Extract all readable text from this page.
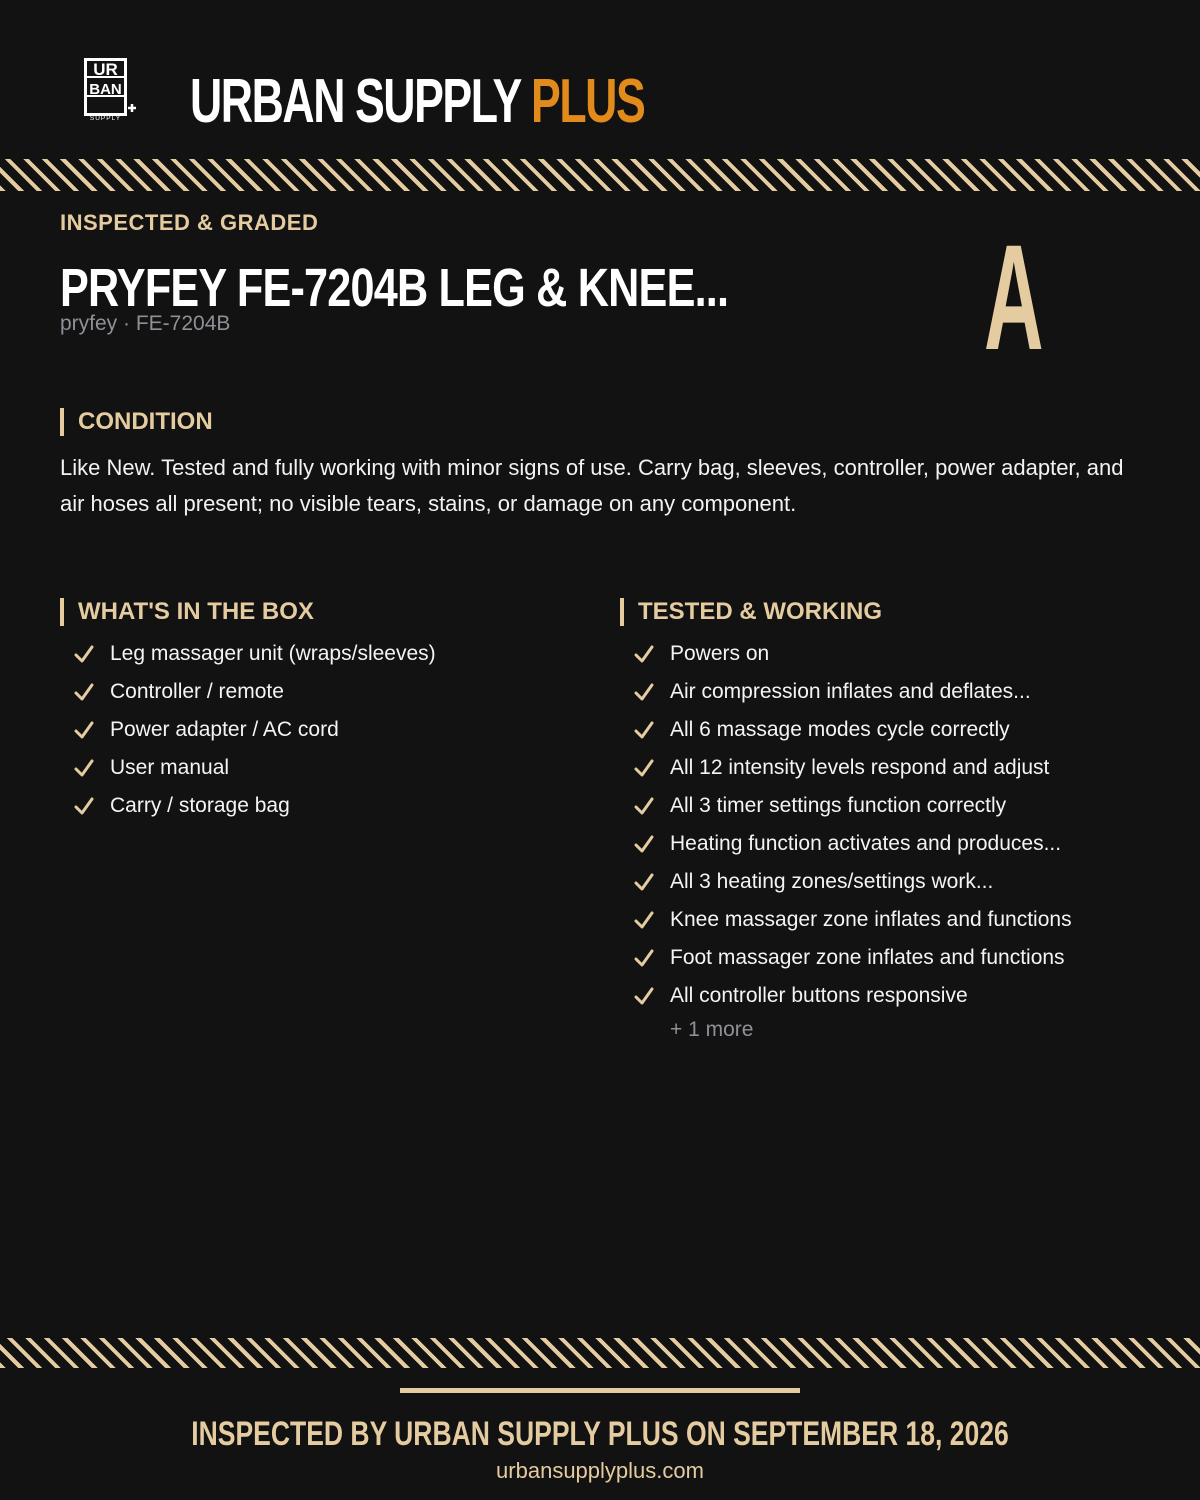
UR
BAN
SUPPLY URBAN SUPPLY PLUS
INSPECTED & GRADED
PRYFEY FE-7204B LEG & KNEE...
pryfey · FE-7204B	A
CONDITION
Like New. Tested and fully working with minor signs of use. Carry bag, sleeves, controller, power adapter, and air hoses all present; no visible tears, stains, or damage on any component.
WHAT'S IN THE BOX
Leg massager unit (wraps/sleeves)
Controller / remote
Power adapter / AC cord
User manual
Carry / storage bag
TESTED & WORKING
Powers on
Air compression inflates and deflates...
All 6 massage modes cycle correctly
All 12 intensity levels respond and adjust
All 3 timer settings function correctly
Heating function activates and produces...
All 3 heating zones/settings work...
Knee massager zone inflates and functions
Foot massager zone inflates and functions
All controller buttons responsive
+ 1 more
INSPECTED BY URBAN SUPPLY PLUS ON SEPTEMBER 18, 2026
urbansupplyplus.com
